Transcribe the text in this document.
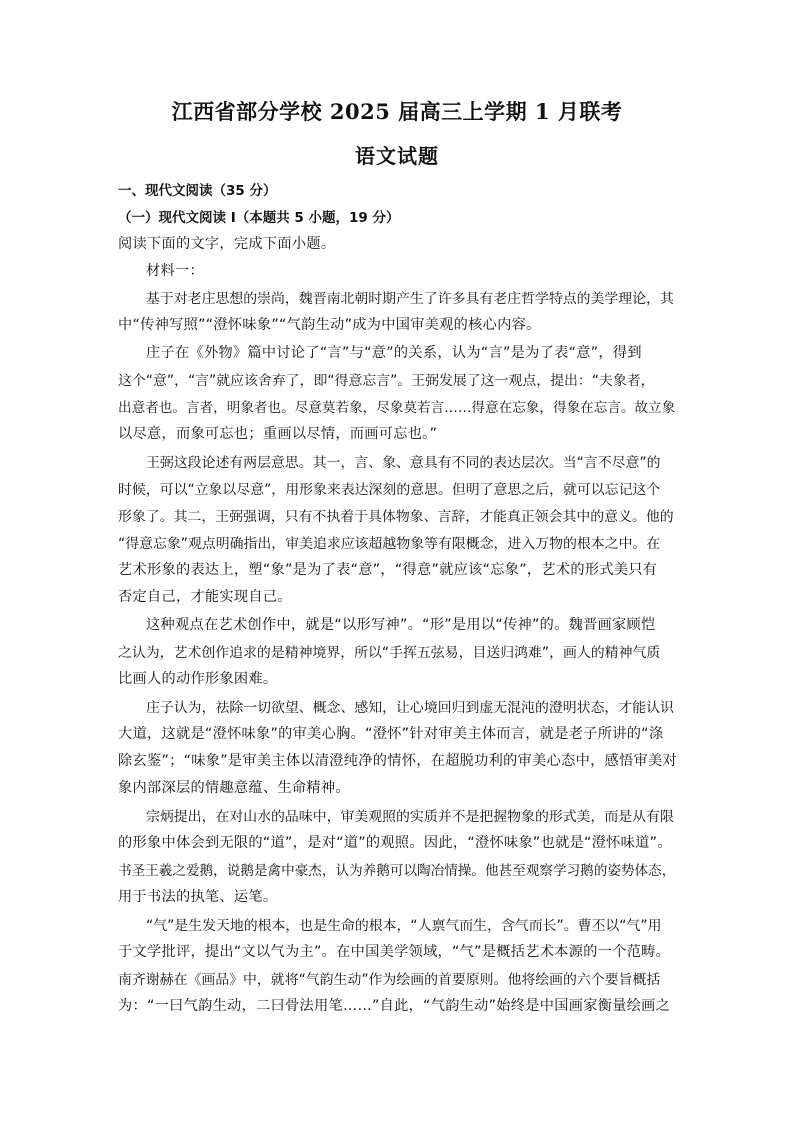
江西省部分学校 2025 届高三上学期 1 月联考
语文试题
一、现代文阅读（35 分）
（一）现代文阅读 I（本题共 5 小题，19 分）
阅读下面的文字，完成下面小题。
材料一：
基于对老庄思想的崇尚，魏晋南北朝时期产生了许多具有老庄哲学特点的美学理论，其
中“传神写照”“澄怀味象”“气韵生动”成为中国审美观的核心内容。
庄子在《外物》篇中讨论了“言”与“意”的关系，认为“言”是为了表“意”，得到
这个“意”，“言”就应该舍弃了，即“得意忘言”。王弼发展了这一观点，提出：“夫象者，
出意者也。言者，明象者也。尽意莫若象，尽象莫若言……得意在忘象，得象在忘言。故立象
以尽意，而象可忘也；重画以尽情，而画可忘也。”
王弼这段论述有两层意思。其一，言、象、意具有不同的表达层次。当“言不尽意”的
时候，可以“立象以尽意”，用形象来表达深刻的意思。但明了意思之后，就可以忘记这个
形象了。其二，王弼强调，只有不执着于具体物象、言辞，才能真正领会其中的意义。他的
“得意忘象”观点明确指出，审美追求应该超越物象等有限概念，进入万物的根本之中。在
艺术形象的表达上，塑“象”是为了表“意”，“得意”就应该“忘象”，艺术的形式美只有
否定自己，才能实现自己。
这种观点在艺术创作中，就是“以形写神”。“形”是用以“传神”的。魏晋画家顾恺
之认为，艺术创作追求的是精神境界，所以“手挥五弦易，目送归鸿难”，画人的精神气质
比画人的动作形象困难。
庄子认为，祛除一切欲望、概念、感知，让心境回归到虚无混沌的澄明状态，才能认识
大道，这就是“澄怀味象”的审美心胸。“澄怀”针对审美主体而言，就是老子所讲的“涤
除玄鉴”；“味象”是审美主体以清澄纯净的情怀，在超脱功利的审美心态中，感悟审美对
象内部深层的情趣意蕴、生命精神。
宗炳提出，在对山水的品味中，审美观照的实质并不是把握物象的形式美，而是从有限
的形象中体会到无限的“道”，是对“道”的观照。因此，“澄怀味象”也就是“澄怀味道”。
书圣王羲之爱鹅，说鹅是禽中豪杰，认为养鹅可以陶冶情操。他甚至观察学习鹅的姿势体态，
用于书法的执笔、运笔。
“气”是生发天地的根本，也是生命的根本，“人禀气而生，含气而长”。曹丕以“气”用
于文学批评，提出“文以气为主”。在中国美学领域，“气”是概括艺术本源的一个范畴。
南齐谢赫在《画品》中，就将“气韵生动”作为绘画的首要原则。他将绘画的六个要旨概括
为：“一曰气韵生动，二曰骨法用笔……”自此，“气韵生动”始终是中国画家衡量绘画之
